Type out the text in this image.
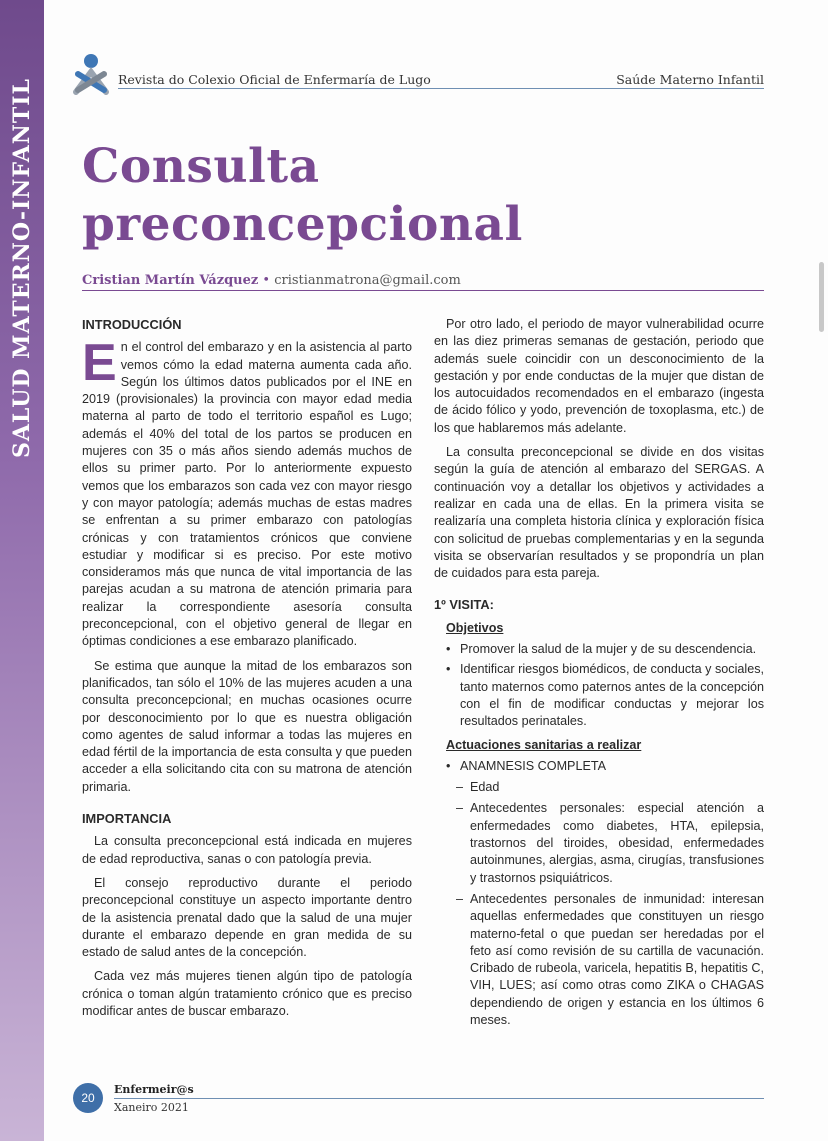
SALUD MATERNO-INFANTIL	Revista do Colexio Oficial de Enfermaría de Lugo	Saúde Materno Infantil
Consulta
preconcepcional
Cristian Martín Vázquez • cristianmatrona@gmail.com
INTRODUCCIÓN

En el control del embarazo y en la asistencia al parto vemos cómo la edad materna aumenta cada año. Según los últimos datos publicados por el INE en 2019 (provisionales) la provincia con mayor edad media materna al parto de todo el territorio español es Lugo; además el 40% del total de los partos se producen en mujeres con 35 o más años siendo además muchos de ellos su primer parto. Por lo anteriormente expuesto vemos que los embarazos son cada vez con mayor riesgo y con mayor patología; además muchas de estas madres se enfrentan a su primer embarazo con patologías crónicas y con tratamientos crónicos que conviene estudiar y modificar si es preciso. Por este motivo consideramos más que nunca de vital importancia de las parejas acudan a su matrona de atención primaria para realizar la correspondiente asesoría consulta preconcepcional, con el objetivo general de llegar en óptimas condiciones a ese embarazo planificado.

Se estima que aunque la mitad de los embarazos son planificados, tan sólo el 10% de las mujeres acuden a una consulta preconcepcional; en muchas ocasiones ocurre por desconocimiento por lo que es nuestra obligación como agentes de salud informar a todas las mujeres en edad fértil de la importancia de esta consulta y que pueden acceder a ella solicitando cita con su matrona de atención primaria.

IMPORTANCIA

La consulta preconcepcional está indicada en mujeres de edad reproductiva, sanas o con patología previa.

El consejo reproductivo durante el periodo preconcepcional constituye un aspecto importante dentro de la asistencia prenatal dado que la salud de una mujer durante el embarazo depende en gran medida de su estado de salud antes de la concepción.

Cada vez más mujeres tienen algún tipo de patología crónica o toman algún tratamiento crónico que es preciso modificar antes de buscar embarazo.

Por otro lado, el periodo de mayor vulnerabilidad ocurre en las diez primeras semanas de gestación, periodo que además suele coincidir con un desconocimiento de la gestación y por ende conductas de la mujer que distan de los autocuidados recomendados en el embarazo (ingesta de ácido fólico y yodo, prevención de toxoplasma, etc.) de los que hablaremos más adelante.

La consulta preconcepcional se divide en dos visitas según la guía de atención al embarazo del SERGAS. A continuación voy a detallar los objetivos y actividades a realizar en cada una de ellas. En la primera visita se realizaría una completa historia clínica y exploración física con solicitud de pruebas complementarias y en la segunda visita se observarían resultados y se propondría un plan de cuidados para esta pareja.

1º VISITA:
Objetivos
• Promover la salud de la mujer y de su descendencia.
• Identificar riesgos biomédicos, de conducta y sociales, tanto maternos como paternos antes de la concepción con el fin de modificar conductas y mejorar los resultados perinatales.
Actuaciones sanitarias a realizar
• ANAMNESIS COMPLETA
– Edad
– Antecedentes personales: especial atención a enfermedades como diabetes, HTA, epilepsia, trastornos del tiroides, obesidad, enfermedades autoinmunes, alergias, asma, cirugías, transfusiones y trastornos psiquiátricos.
– Antecedentes personales de inmunidad: interesan aquellas enfermedades que constituyen un riesgo materno-fetal o que puedan ser heredadas por el feto así como revisión de su cartilla de vacunación. Cribado de rubeola, varicela, hepatitis B, hepatitis C, VIH, LUES; así como otras como ZIKA o CHAGAS dependiendo de origen y estancia en los últimos 6 meses.
20
Enfermeir@s
Xaneiro 2021
